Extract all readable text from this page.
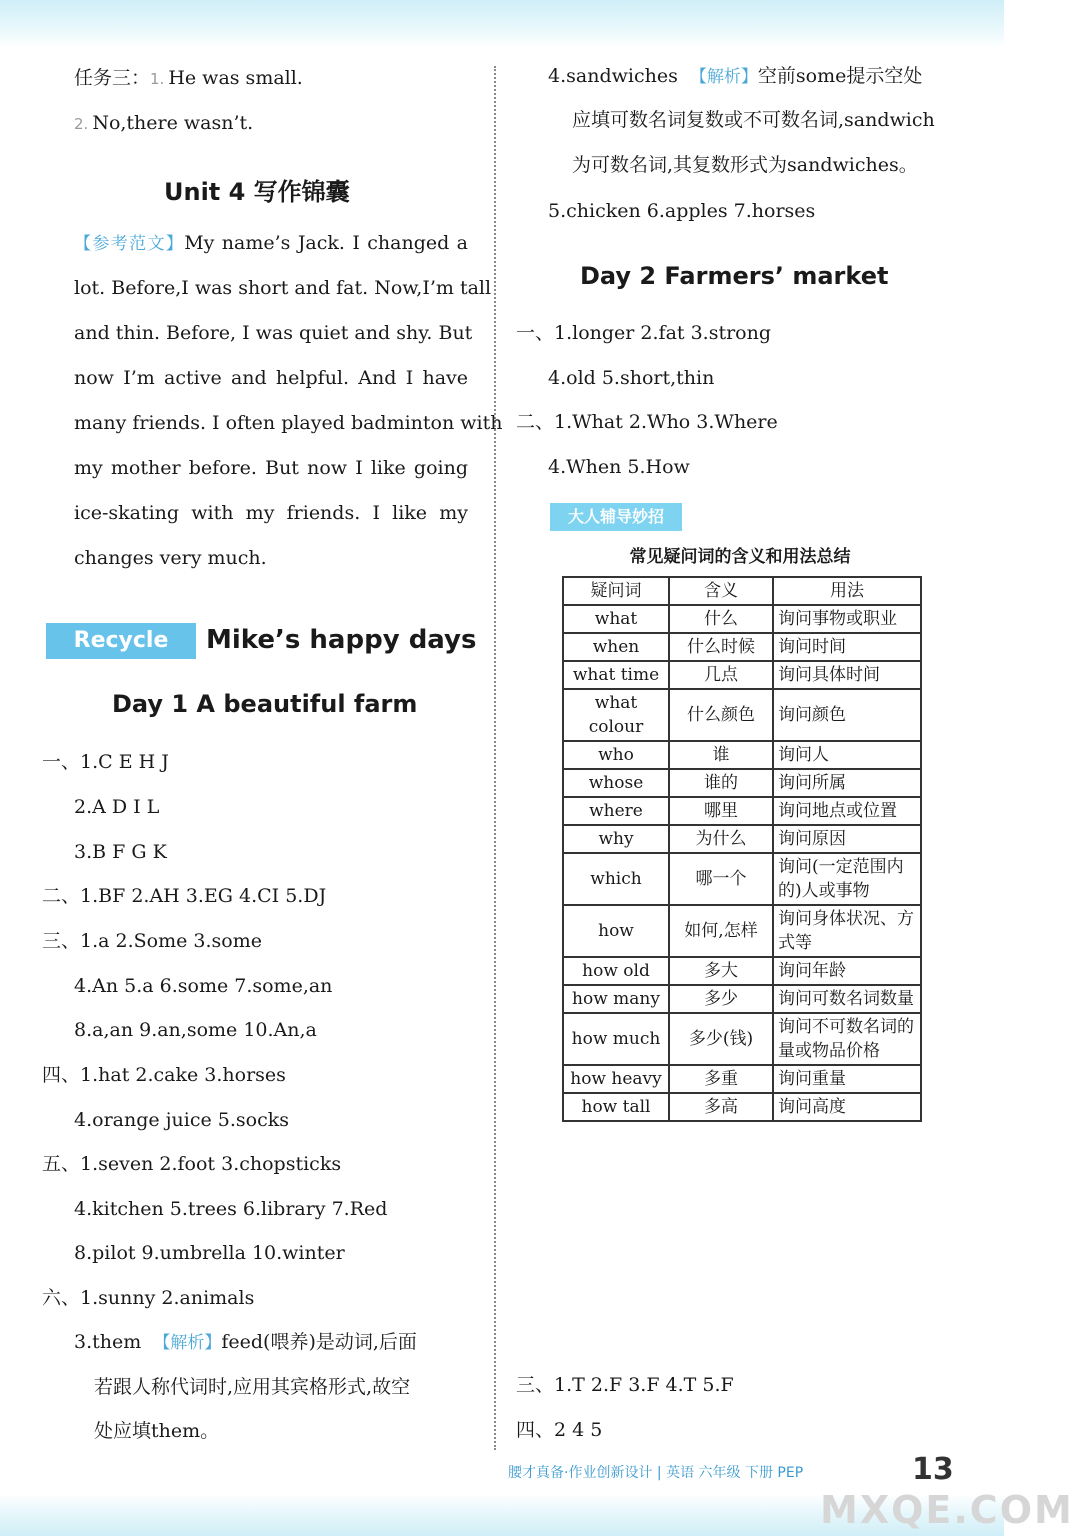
任务三：1. He was small.
2. No,there wasn’t.
Unit 4 写作锦囊
【参考范文】My name’s Jack. I changed a
lot. Before,I was short and fat. Now,I’m tall
and thin. Before, I was quiet and shy. But
now I’m active and helpful. And I have
many friends. I often played badminton with
my mother before. But now I like going
ice-skating with my friends. I like my
changes very much.
Recycle	Mike’s happy days
Day 1 A beautiful farm
一、1.C E H J
2.A D I L
3.B F G K
二、1.BF 2.AH 3.EG 4.CI 5.DJ
三、1.a 2.Some 3.some
4.An 5.a 6.some 7.some,an
8.a,an 9.an,some 10.An,a
四、1.hat 2.cake 3.horses
4.orange juice 5.socks
五、1.seven 2.foot 3.chopsticks
4.kitchen 5.trees 6.library 7.Red
8.pilot 9.umbrella 10.winter
六、1.sunny 2.animals
3.them 【解析】feed(喂养)是动词,后面
若跟人称代词时,应用其宾格形式,故空
处应填them。
4.sandwiches 【解析】空前some提示空处
应填可数名词复数或不可数名词,sandwich
为可数名词,其复数形式为sandwiches。
5.chicken 6.apples 7.horses
Day 2 Farmers’ market
一、1.longer 2.fat 3.strong
4.old 5.short,thin
二、1.What 2.Who 3.Where
4.When 5.How
大人辅导妙招
常见疑问词的含义和用法总结
疑问词	含义	用法
what	什么	询问事物或职业
when	什么时候	询问时间
what time	几点	询问具体时间
what colour	什么颜色	询问颜色
who	谁	询问人
whose	谁的	询问所属
where	哪里	询问地点或位置
why	为什么	询问原因
which	哪一个	询问(一定范围内的)人或事物
how	如何,怎样	询问身体状况、方式等
how old	多大	询问年龄
how many	多少	询问可数名词数量
how much	多少(钱)	询问不可数名词的量或物品价格
how heavy	多重	询问重量
how tall	多高	询问高度
三、1.T 2.F 3.F 4.T 5.F
四、2 4 5
腰才真备·作业创新设计 | 英语 六年级 下册 PEP	13
MXQE.COM
